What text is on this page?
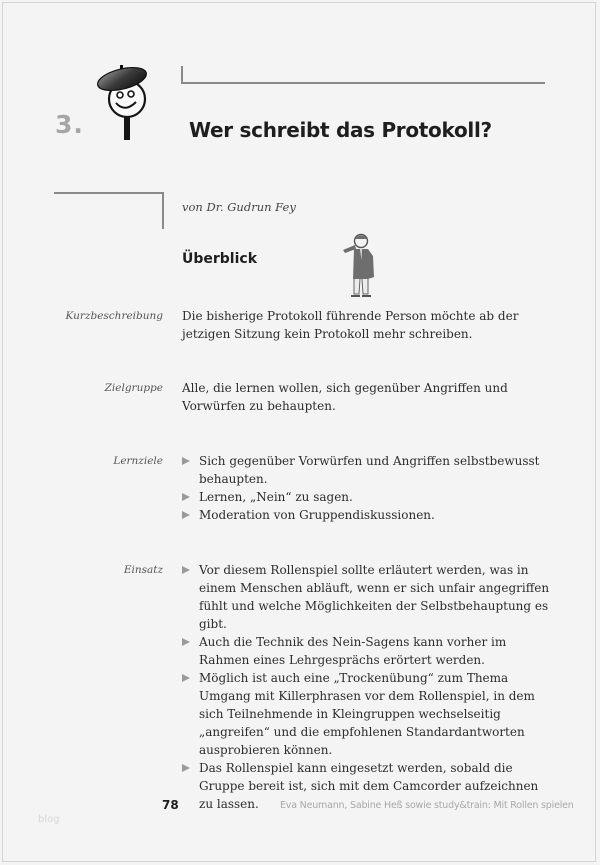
3.	Wer schreibt das Protokoll?
von Dr. Gudrun Fey
Überblick
Kurzbeschreibung Die bisherige Protokoll führende Person möchte ab der jetzigen Sitzung kein Protokoll mehr schreiben.
Zielgruppe Alle, die lernen wollen, sich gegenüber Angriffen und Vorwürfen zu behaupten.
Lernziele	Sich gegenüber Vorwürfen und Angriffen selbstbewusst behaupten.
Lernen, „Nein“ zu sagen.
Moderation von Gruppendiskussionen.
Einsatz	Vor diesem Rollenspiel sollte erläutert werden, was in einem Menschen abläuft, wenn er sich unfair angegriffen fühlt und welche Möglichkeiten der Selbstbehauptung es gibt.
Auch die Technik des Nein-Sagens kann vorher im Rahmen eines Lehrgesprächs erörtert werden.
Möglich ist auch eine „Trockenübung“ zum Thema Umgang mit Killerphrasen vor dem Rollenspiel, in dem sich Teilnehmende in Kleingruppen wechselseitig „angreifen“ und die empfohlenen Standardantworten ausprobieren können.
Das Rollenspiel kann eingesetzt werden, sobald die Gruppe bereit ist, sich mit dem Camcorder aufzeichnen zu lassen.
78	Eva Neumann, Sabine Heß sowie study&train: Mit Rollen spielen
blog
